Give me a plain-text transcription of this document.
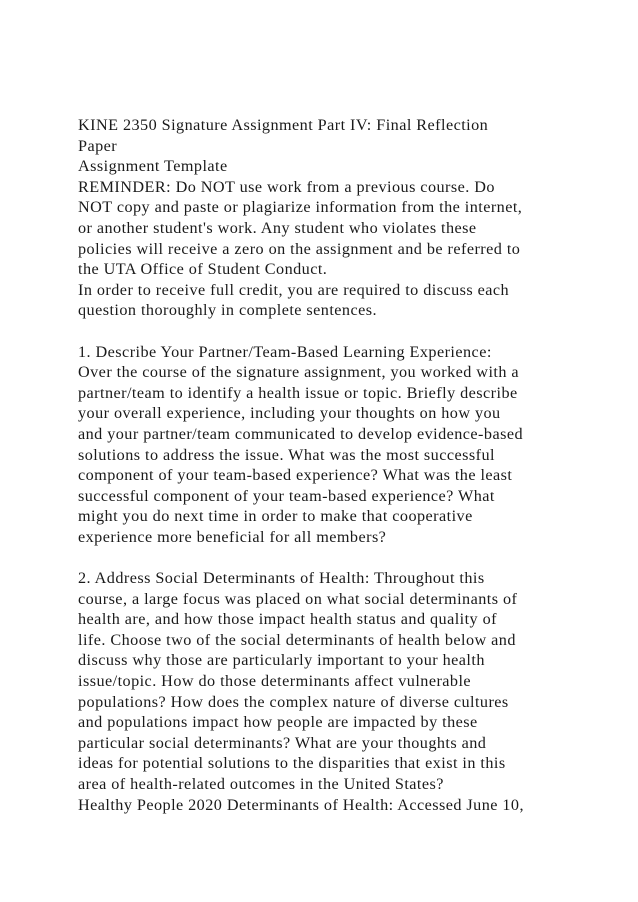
KINE 2350 Signature Assignment Part IV: Final Reflection
Paper
Assignment Template
REMINDER: Do NOT use work from a previous course. Do
NOT copy and paste or plagiarize information from the internet,
or another student's work. Any student who violates these
policies will receive a zero on the assignment and be referred to
the UTA Office of Student Conduct.
In order to receive full credit, you are required to discuss each
question thoroughly in complete sentences.
1. Describe Your Partner/Team-Based Learning Experience:
Over the course of the signature assignment, you worked with a
partner/team to identify a health issue or topic. Briefly describe
your overall experience, including your thoughts on how you
and your partner/team communicated to develop evidence-based
solutions to address the issue. What was the most successful
component of your team-based experience? What was the least
successful component of your team-based experience? What
might you do next time in order to make that cooperative
experience more beneficial for all members?
2. Address Social Determinants of Health: Throughout this
course, a large focus was placed on what social determinants of
health are, and how those impact health status and quality of
life. Choose two of the social determinants of health below and
discuss why those are particularly important to your health
issue/topic. How do those determinants affect vulnerable
populations? How does the complex nature of diverse cultures
and populations impact how people are impacted by these
particular social determinants? What are your thoughts and
ideas for potential solutions to the disparities that exist in this
area of health-related outcomes in the United States?
Healthy People 2020 Determinants of Health: Accessed June 10,
